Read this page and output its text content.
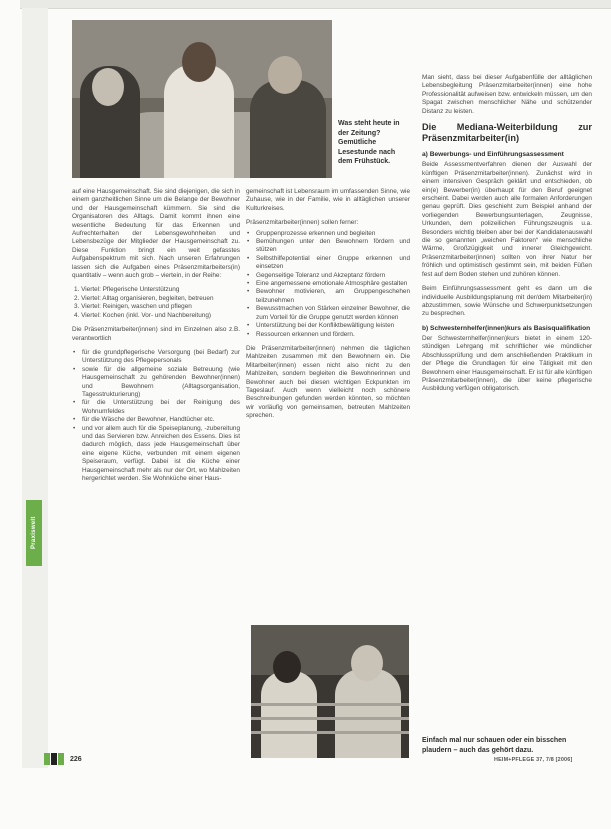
Praxiswelt
Was steht heute in der Zeitung? Gemütliche Lesestunde nach dem Frühstück.

auf eine Hausgemeinschaft. Sie sind diejenigen, die sich in einem ganzheitlichen Sinne um die Belange der Bewohner und der Hausgemeinschaft kümmern. Sie sind die Organisatoren des Alltags. Damit kommt ihnen eine wesentliche Bedeutung für das Erkennen und Aufrechterhalten der Lebensgewohnheiten und Lebensbezüge der Mitglieder der Hausgemeinschaft zu. Diese Funktion bringt ein weit gefasstes Aufgabenspektrum mit sich. Nach unseren Erfahrungen lassen sich die Aufgaben eines Präsenzmitarbeiters(in) quantitativ – wenn auch grob – viertein, in der Reihe:

1. Viertel: Pflegerische Unterstützung
2. Viertel: Alltag organisieren, begleiten, betreuen
3. Viertel: Reinigen, waschen und pflegen
4. Viertel: Kochen (inkl. Vor- und Nachbereitung)

Die Präsenzmitarbeiter(innen) sind im Einzelnen also z.B. verantwortlich

• für die grundpflegerische Versorgung (bei Bedarf) zur Unterstützung des Pflegepersonals
• sowie für die allgemeine soziale Betreuung (wie Hausgemeinschaft zu gehörenden Bewohner(innen) und Bewohnern (Alltagsorganisation, Tagesstrukturierung)
• für die Unterstützung bei der Reinigung des Wohnumfeldes
• für die Wäsche der Bewohner, Handtücher etc.
• und vor allem auch für die Speiseplanung, -zubereitung und das Servieren bzw. Anreichen des Essens. Dies ist dadurch möglich, dass jede Hausgemeinschaft über eine eigene Küche, verbunden mit einem eigenen Speiseraum, verfügt. Dabei ist die Küche einer Hausgemeinschaft mehr als nur der Ort, wo Mahlzeiten hergerichtet werden. Sie Wohnküche einer Haus-

gemeinschaft ist Lebensraum im umfassenden Sinne, wie Zuhause, wie in der Familie, wie in alltäglichen unserer Kulturkreises.

Präsenzmitarbeiter(innen) sollen ferner:

• Gruppenprozesse erkennen und begleiten
• Bemühungen unter den Bewohnern fördern und stützen
• Selbsthilfepotential einer Gruppe erkennen und einsetzen
• Gegenseitige Toleranz und Akzeptanz fördern
• Eine angemessene emotionale Atmosphäre gestalten
• Bewohner motivieren, am Gruppengeschehen teilzunehmen
• Bewusstmachen von Stärken einzelner Bewohner, die zum Vorteil für die Gruppe genutzt werden können
• Unterstützung bei der Konfliktbewältigung leisten
• Ressourcen erkennen und fördern.

Die Präsenzmitarbeiter(innen) nehmen die täglichen Mahlzeiten zusammen mit den Bewohnern ein. Die Mitarbeiter(innen) essen nicht also nicht zu den Mahlzeiten, sondern begleiten die Bewohnerinnen und Bewohner auch bei diesen wichtigen Eckpunkten im Tageslauf. Auch wenn vielleicht noch schönere Beschreibungen gefunden werden könnten, so möchten wir vorläufig von gemeinsamen, betreuten Mahlzeiten sprechen.

Man sieht, dass bei dieser Aufgabenfülle der alltäglichen Lebensbegleitung Präsenzmitarbeiter(innen) eine hohe Professionalität aufweisen bzw. entwickeln müssen, um den Spagat zwischen menschlicher Nähe und schützender Distanz zu leisten.

Die Mediana-Weiterbildung zur Präsenzmitarbeiter(in)
a) Bewerbungs- und Einführungsassessment

Beide Assessmentverfahren dienen der Auswahl der künftigen Präsenzmitarbeiter(innen). Zunächst wird in einem intensiven Gespräch geklärt und entschieden, ob ein(e) Bewerber(in) überhaupt für den Beruf geeignet erscheint. Dabei werden auch alle formalen Anforderungen genau geprüft. Dies geschieht zum Beispiel anhand der vorliegenden Bewerbungsunterlagen, Zeugnisse, Urkunden, dem polizeilichen Führungszeugnis u.a. Besonders wichtig bleiben aber bei der Kandidatenauswahl die so genannten „weichen Faktoren“ wie menschliche Wärme, Großzügigkeit und innerer Gleichgewicht. Präsenzmitarbeiter(innen) sollten von ihrer Natur her fröhlich und optimistisch gestimmt sein, mit beiden Füßen fest auf dem Boden stehen und zuhören können.

Beim Einführungsassessment geht es dann um die individuelle Ausbildungsplanung mit der/dem Mitarbeiter(in) abzustimmen, sowie Wünsche und Schwerpunktsetzungen zu besprechen.

b) Schwesternhelfer(innen)kurs als Basisqualifikation

Der Schwesternhelfer(innen)kurs bietet in einem 120-stündigen Lehrgang mit schriftlicher wie mündlicher Abschlussprüfung und dem anschließenden Praktikum in der Pflege die Grundlagen für eine Tätigkeit mit den Bewohnern einer Hausgemeinschaft. Er ist für alle künftigen Präsenzmitarbeiter(innen), die über keine pflegerische Ausbildung verfügen obligatorisch.

Einfach mal nur schauen oder ein bisschen plaudern – auch das gehört dazu.
226	HEIM+PFLEGE 37, 7/8 [2006]
